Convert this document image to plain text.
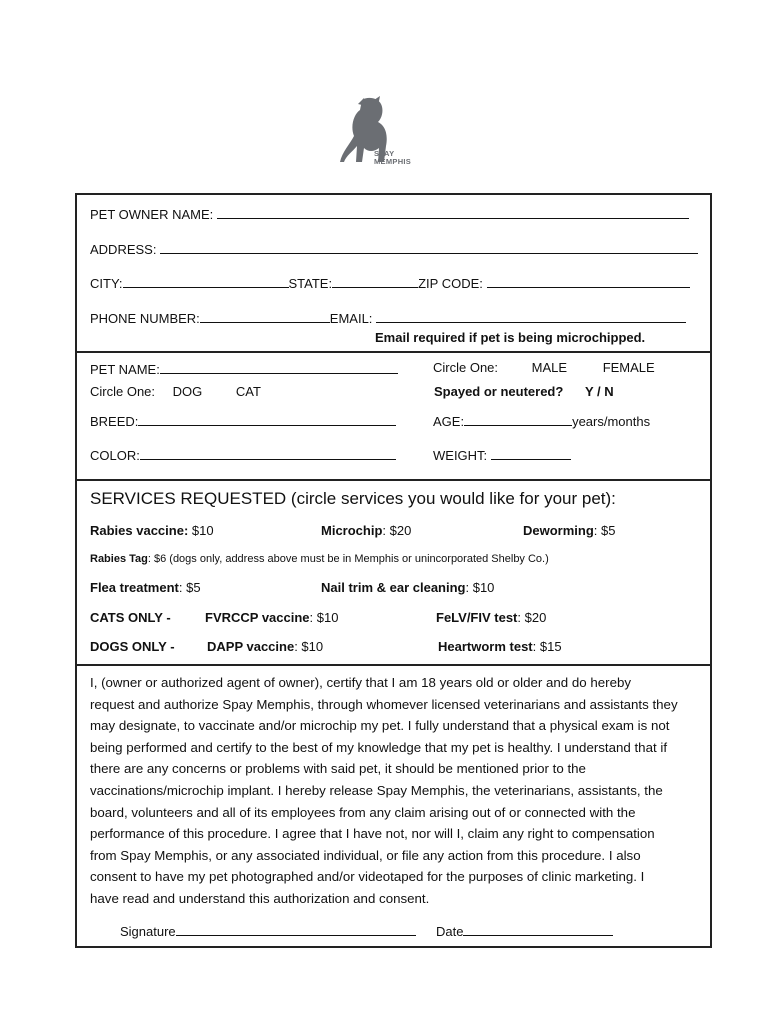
SPAY
MEMPHIS
PET OWNER NAME:
ADDRESS:
CITY:	STATE:	ZIP CODE:
PHONE NUMBER:	EMAIL:
Email required if pet is being microchipped.
PET NAME:	Circle One:	MALE	FEMALE
Circle One: DOG	CAT	Spayed or neutered? Y / N
BREED:	AGE:	years/months
COLOR:	WEIGHT:
SERVICES REQUESTED (circle services you would like for your pet):
Rabies vaccine: $10	Microchip: $20	Deworming: $5
Rabies Tag: $6 (dogs only, address above must be in Memphis or unincorporated Shelby Co.)
Flea treatment: $5	Nail trim & ear cleaning: $10
CATS ONLY -	FVRCCP vaccine: $10	FeLV/FIV test: $20
DOGS ONLY - DAPP vaccine: $10	Heartworm test: $15
I, (owner or authorized agent of owner), certify that I am 18 years old or older and do hereby
request and authorize Spay Memphis, through whomever licensed veterinarians and assistants they
may designate, to vaccinate and/or microchip my pet. I fully understand that a physical exam is not
being performed and certify to the best of my knowledge that my pet is healthy. I understand that if
there are any concerns or problems with said pet, it should be mentioned prior to the
vaccinations/microchip implant. I hereby release Spay Memphis, the veterinarians, assistants, the
board, volunteers and all of its employees from any claim arising out of or connected with the
performance of this procedure. I agree that I have not, nor will I, claim any right to compensation
from Spay Memphis, or any associated individual, or file any action from this procedure. I also
consent to have my pet photographed and/or videotaped for the purposes of clinic marketing. I
have read and understand this authorization and consent.
Signature	Date
